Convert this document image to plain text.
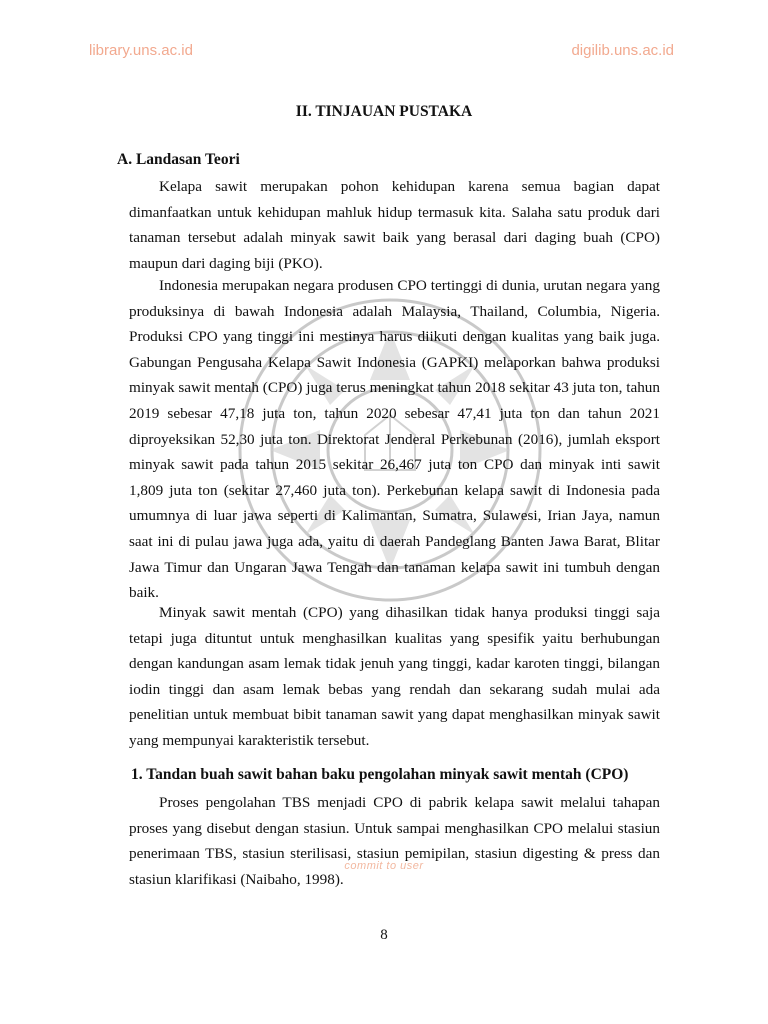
library.uns.ac.id	digilib.uns.ac.id
II. TINJAUAN PUSTAKA
A. Landasan Teori

Kelapa sawit merupakan pohon kehidupan karena semua bagian dapat dimanfaatkan untuk kehidupan mahluk hidup termasuk kita. Salaha satu produk dari tanaman tersebut adalah minyak sawit baik yang berasal dari daging buah (CPO) maupun dari daging biji (PKO).

Indonesia merupakan negara produsen CPO tertinggi di dunia, urutan negara yang produksinya di bawah Indonesia adalah Malaysia, Thailand, Columbia, Nigeria. Produksi CPO yang tinggi ini mestinya harus diikuti dengan kualitas yang baik juga. Gabungan Pengusaha Kelapa Sawit Indonesia (GAPKI) melaporkan bahwa produksi minyak sawit mentah (CPO) juga terus meningkat tahun 2018 sekitar 43 juta ton, tahun 2019 sebesar 47,18 juta ton, tahun 2020 sebesar 47,41 juta ton dan tahun 2021 diproyeksikan 52,30 juta ton. Direktorat Jenderal Perkebunan (2016), jumlah eksport minyak sawit pada tahun 2015 sekitar 26,467 juta ton CPO dan minyak inti sawit 1,809 juta ton (sekitar 27,460 juta ton). Perkebunan kelapa sawit di Indonesia pada umumnya di luar jawa seperti di Kalimantan, Sumatra, Sulawesi, Irian Jaya, namun saat ini di pulau jawa juga ada, yaitu di daerah Pandeglang Banten Jawa Barat, Blitar Jawa Timur dan Ungaran Jawa Tengah dan tanaman kelapa sawit ini tumbuh dengan baik.

Minyak sawit mentah (CPO) yang dihasilkan tidak hanya produksi tinggi saja tetapi juga dituntut untuk menghasilkan kualitas yang spesifik yaitu berhubungan dengan kandungan asam lemak tidak jenuh yang tinggi, kadar karoten tinggi, bilangan iodin tinggi dan asam lemak bebas yang rendah dan sekarang sudah mulai ada penelitian untuk membuat bibit tanaman sawit yang dapat menghasilkan minyak sawit yang mempunyai karakteristik tersebut.

1. Tandan buah sawit bahan baku pengolahan minyak sawit mentah (CPO)

Proses pengolahan TBS menjadi CPO di pabrik kelapa sawit melalui tahapan proses yang disebut dengan stasiun. Untuk sampai menghasilkan CPO melalui stasiun penerimaan TBS, stasiun sterilisasi, stasiun pemipilan, stasiun digesting & press dan stasiun klarifikasi (Naibaho, 1998).

commit to user
8
